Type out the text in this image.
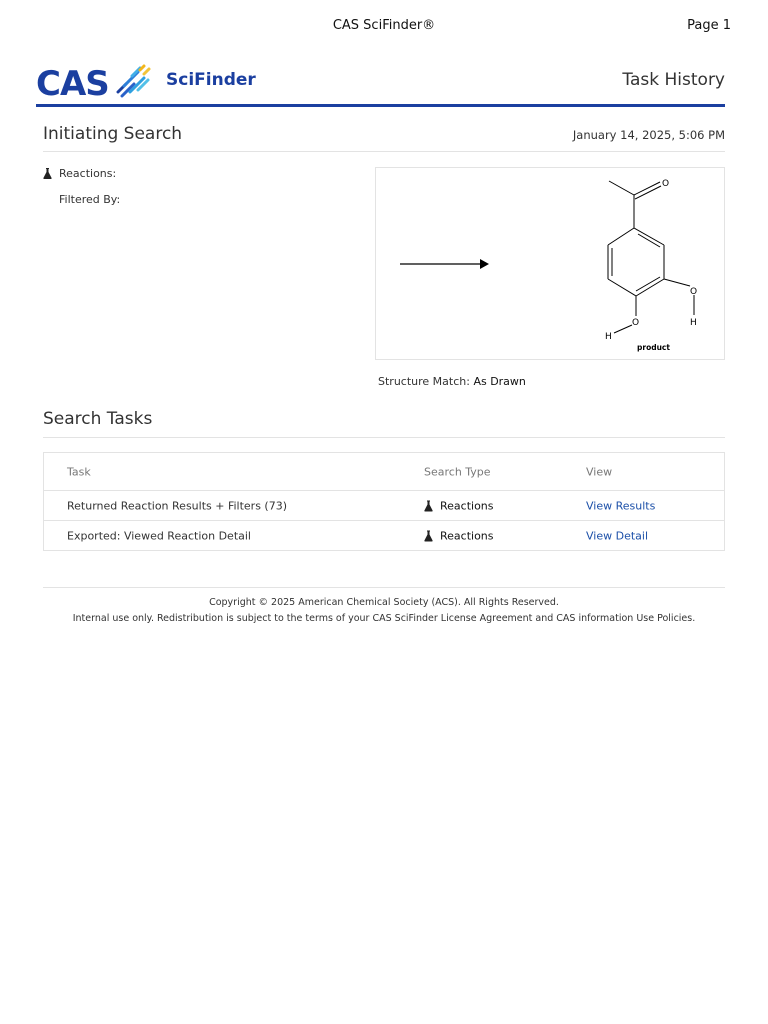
CAS SciFinder®	Page 1
CAS	SciFinder	Task History
Initiating Search	January 14, 2025, 5:06 PM
Reactions:
Filtered By:
O
O
H
O
H
product
Structure Match: As Drawn
Search Tasks
Task	Search Type	View
Returned Reaction Results + Filters (73)	Reactions	View Results
Exported: Viewed Reaction Detail	Reactions	View Detail
Copyright © 2025 American Chemical Society (ACS). All Rights Reserved.
Internal use only. Redistribution is subject to the terms of your CAS SciFinder License Agreement and CAS information Use Policies.
